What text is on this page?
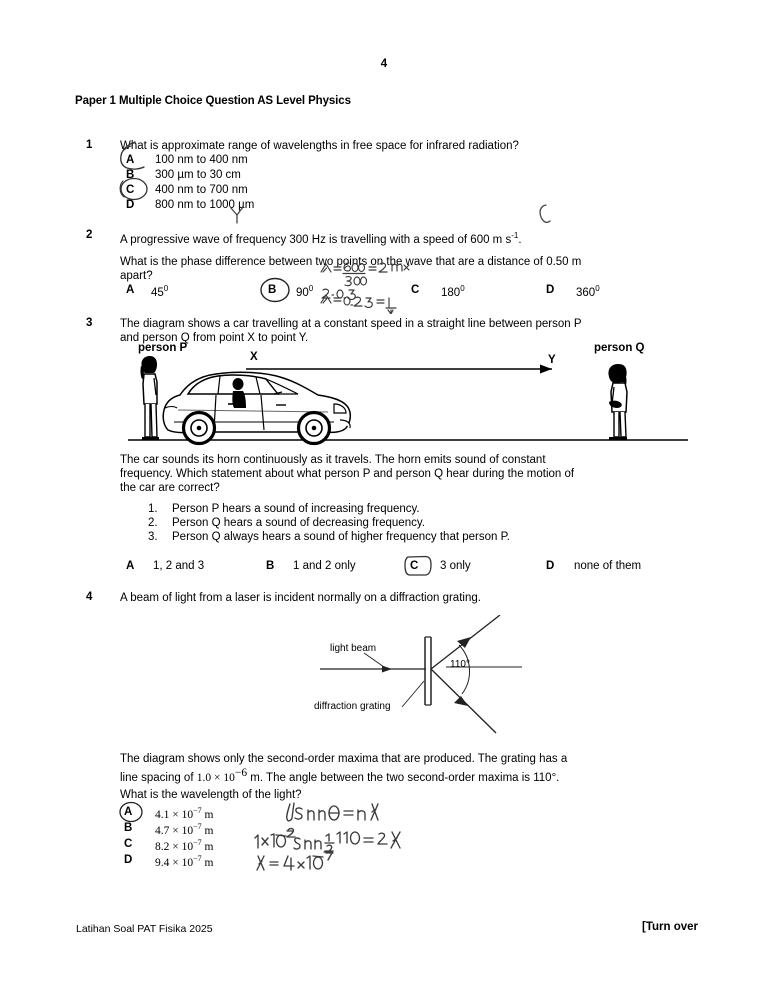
4
Paper 1 Multiple Choice Question AS Level Physics
1 What is approximate range of wavelengths in free space for infrared radiation?
A 100 nm to 400 nm
B 300 µm to 30 cm
C 400 nm to 700 nm
D 800 nm to 1000 µm
2 A progressive wave of frequency 300 Hz is travelling with a speed of 600 m $s^{-1}$.
What is the phase difference between two points on the wave that are a distance of 0.50 m
apart?
A $45^0$	B $90^0$	C $180^0$	D $360^0$
3 The diagram shows a car travelling at a constant speed in a straight line between person P
and person Q from point X to point Y.
person P	person Q
X	Y
The car sounds its horn continuously as it travels. The horn emits sound of constant
frequency. Which statement about what person P and person Q hear during the motion of
the car are correct?
1. Person P hears a sound of increasing frequency.
2. Person Q hears a sound of decreasing frequency.
3. Person Q always hears a sound of higher frequency that person P.
A 1, 2 and 3	B 1 and 2 only	C 3 only	D none of them
4 A beam of light from a laser is incident normally on a diffraction grating.
light beam
diffraction grating
110°
The diagram shows only the second-order maxima that are produced. The grating has a
line spacing of 1.0 × 10−6 m. The angle between the two second-order maxima is 110°.
What is the wavelength of the light?
A $4.1 \times 10^{-7}$ m
B $4.7 \times 10^{-7}$ m
C $8.2 \times 10^{-7}$ m
D $9.4 \times 10^{-7}$ m
Latihan Soal PAT Fisika 2025	[Turn over
